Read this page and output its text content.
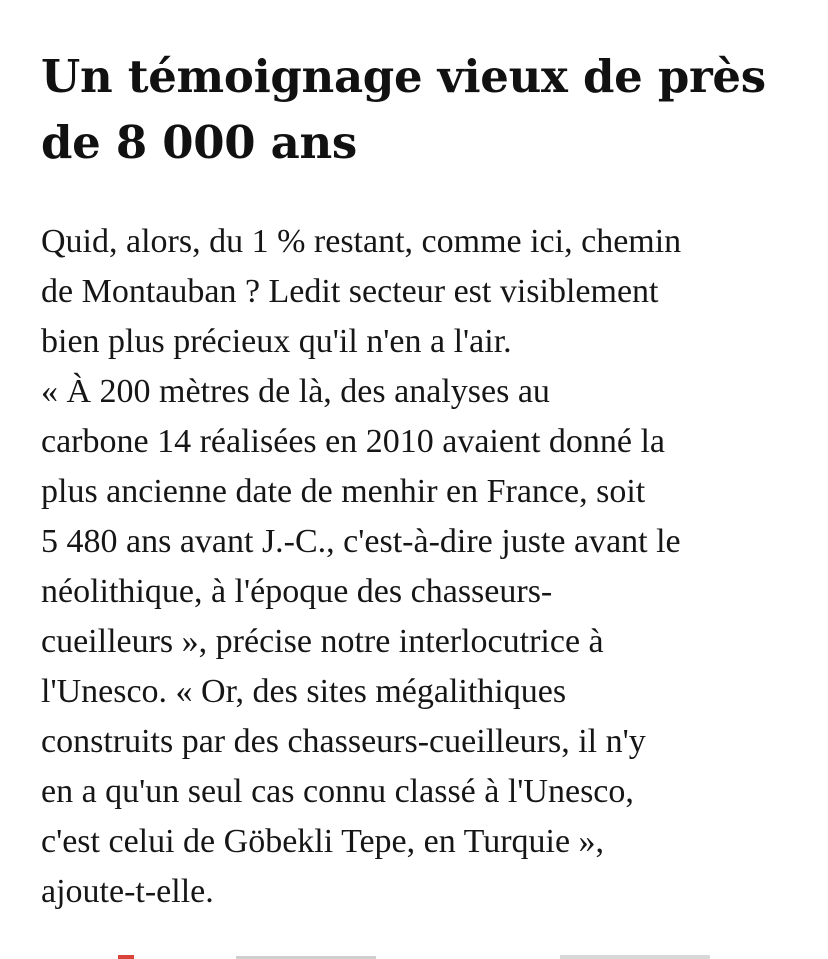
Un témoignage vieux de près
de 8 000 ans
Quid, alors, du 1 % restant, comme ici, chemin
de Montauban ? Ledit secteur est visiblement
bien plus précieux qu'il n'en a l'air.
« À 200 mètres de là, des analyses au
carbone 14 réalisées en 2010 avaient donné la
plus ancienne date de menhir en France, soit
5 480 ans avant J.-C., c'est-à-dire juste avant le
néolithique, à l'époque des chasseurs-
cueilleurs », précise notre interlocutrice à
l'Unesco. « Or, des sites mégalithiques
construits par des chasseurs-cueilleurs, il n'y
en a qu'un seul cas connu classé à l'Unesco,
c'est celui de Göbekli Tepe, en Turquie »,
ajoute-t-elle.
